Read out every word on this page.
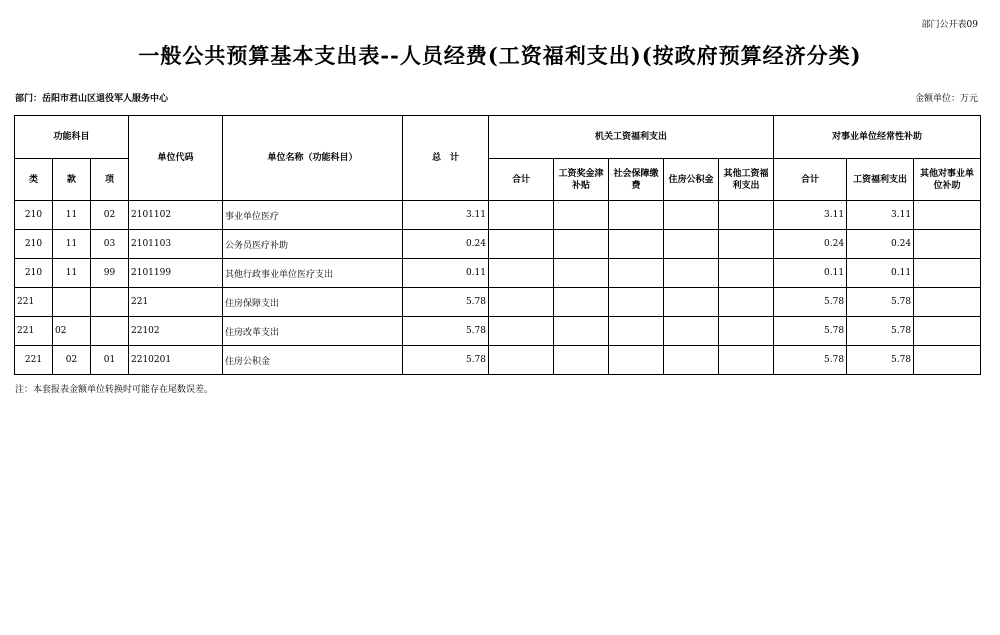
部门公开表09
一般公共预算基本支出表--人员经费(工资福利支出)(按政府预算经济分类)
部门：岳阳市君山区退役军人服务中心	金额单位：万元
功能科目			单位代码	单位名称（功能科目）	总　计	机关工资福利支出					对事业单位经常性补助		
类	款	项				合计	工资奖金津补贴	社会保障缴费	住房公积金	其他工资福利支出	合计	工资福利支出	其他对事业单位补助
210	11	02	2101102	事业单位医疗	3.11						3.11	3.11	
210	11	03	2101103	公务员医疗补助	0.24						0.24	0.24	
210	11	99	2101199	其他行政事业单位医疗支出	0.11						0.11	0.11	
221			221	住房保障支出	5.78						5.78	5.78	
221	02		22102	住房改革支出	5.78						5.78	5.78	
221	02	01	2210201	住房公积金	5.78						5.78	5.78	
注：本套报表金额单位转换时可能存在尾数误差。
